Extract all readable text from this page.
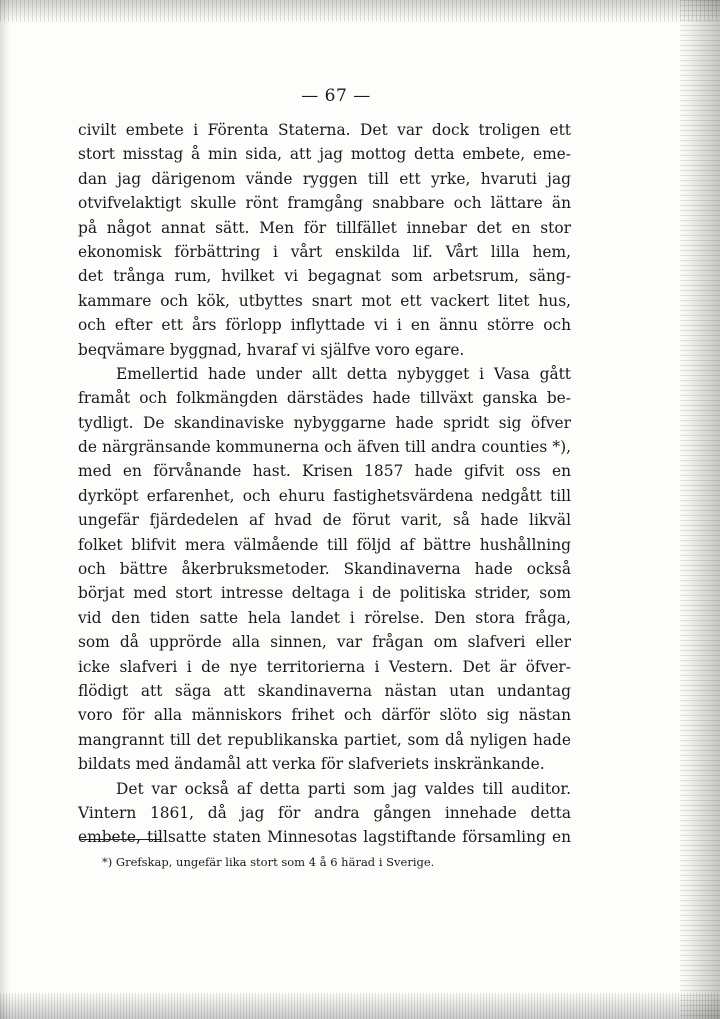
— 67 —
civilt embete i Förenta Staterna. Det var dock troligen ett
stort misstag å min sida, att jag mottog detta embete, eme-
dan jag därigenom vände ryggen till ett yrke, hvaruti jag
otvifvelaktigt skulle rönt framgång snabbare och lättare än
på något annat sätt. Men för tillfället innebar det en stor
ekonomisk förbättring i vårt enskilda lif. Vårt lilla hem,
det trånga rum, hvilket vi begagnat som arbetsrum, säng-
kammare och kök, utbyttes snart mot ett vackert litet hus,
och efter ett års förlopp inflyttade vi i en ännu större och
beqvämare byggnad, hvaraf vi själfve voro egare.
Emellertid hade under allt detta nybygget i Vasa gått
framåt och folkmängden därstädes hade tillväxt ganska be-
tydligt. De skandinaviske nybyggarne hade spridt sig öfver
de närgränsande kommunerna och äfven till andra counties *),
med en förvånande hast. Krisen 1857 hade gifvit oss en
dyrköpt erfarenhet, och ehuru fastighetsvärdena nedgått till
ungefär fjärdedelen af hvad de förut varit, så hade likväl
folket blifvit mera välmående till följd af bättre hushållning
och bättre åkerbruksmetoder. Skandinaverna hade också
börjat med stort intresse deltaga i de politiska strider, som
vid den tiden satte hela landet i rörelse. Den stora fråga,
som då upprörde alla sinnen, var frågan om slafveri eller
icke slafveri i de nye territorierna i Vestern. Det är öfver-
flödigt att säga att skandinaverna nästan utan undantag
voro för alla människors frihet och därför slöto sig nästan
mangrannt till det republikanska partiet, som då nyligen hade
bildats med ändamål att verka för slafveriets inskränkande.
Det var också af detta parti som jag valdes till auditor.
Vintern 1861, då jag för andra gången innehade detta
embete, tillsatte staten Minnesotas lagstiftande församling en
*) Grefskap, ungefär lika stort som 4 å 6 härad i Sverige.
